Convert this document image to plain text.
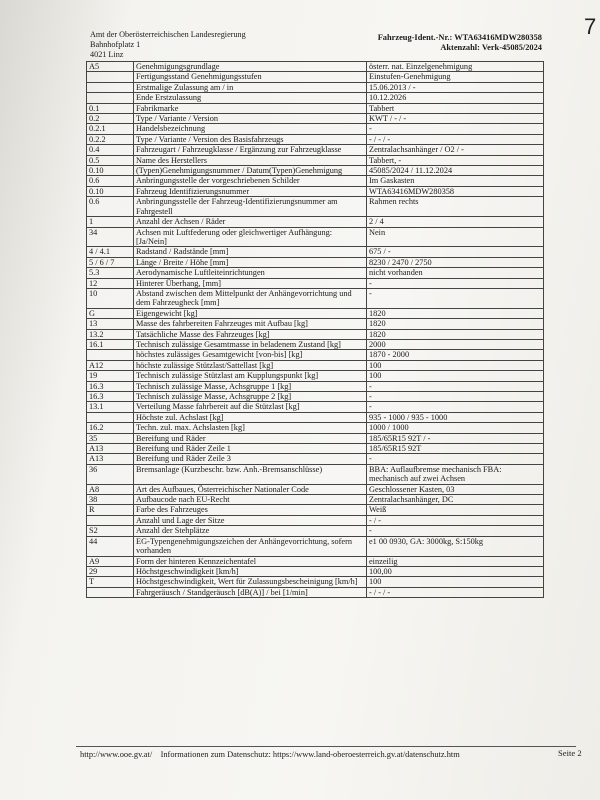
Amt der Oberösterreichischen Landesregierung
Bahnhofplatz 1
4021 Linz
Fahrzeug-Ident.-Nr.: WTA63416MDW280358
Aktenzahl: Verk-45085/2024
A5	Genehmigungsgrundlage	österr. nat. Einzelgenehmigung
	Fertigungsstand Genehmigungsstufen	Einstufen-Genehmigung
	Erstmalige Zulassung am / in	15.06.2013 / -
	Ende Erstzulassung	10.12.2026
0.1	Fabrikmarke	Tabbert
0.2	Type / Variante / Version	KWT / - / -
0.2.1	Handelsbezeichnung	-
0.2.2	Type / Variante / Version des Basisfahrzeugs	- / - / -
0.4	Fahrzeugart / Fahrzeugklasse / Ergänzung zur Fahrzeugklasse	Zentralachsanhänger / O2 / -
0.5	Name des Herstellers	Tabbert, -
0.10	(Typen)Genehmigungsnummer / Datum(Typen)Genehmigung	45085/2024 / 11.12.2024
0.6	Anbringungsstelle der vorgeschriebenen Schilder	Im Gaskasten
0.10	Fahrzeug Identifizierungsnummer	WTA63416MDW280358
0.6	Anbringungsstelle der Fahrzeug-Identifizierungsnummer am Fahrgestell	Rahmen rechts
1	Anzahl der Achsen / Räder	2 / 4
34	Achsen mit Luftfederung oder gleichwertiger Aufhängung: [Ja/Nein]	Nein
4 / 4.1	Radstand / Radstände [mm]	675 / -
5 / 6 / 7	Länge / Breite / Höhe [mm]	8230 / 2470 / 2750
5.3	Aerodynamische Luftleiteinrichtungen	nicht vorhanden
12	Hinterer Überhang, [mm]	-
10	Abstand zwischen dem Mittelpunkt der Anhängevorrichtung und dem Fahrzeugheck [mm]	-
G	Eigengewicht [kg]	1820
13	Masse des fahrbereiten Fahrzeuges mit Aufbau [kg]	1820
13.2	Tatsächliche Masse des Fahrzeuges [kg]	1820
16.1	Technisch zulässige Gesamtmasse in beladenem Zustand [kg]	2000
	höchstes zulässiges Gesamtgewicht [von-bis] [kg]	1870 - 2000
A12	höchste zulässige Stützlast/Sattellast [kg]	100
19	Technisch zulässige Stützlast am Kupplungspunkt [kg]	100
16.3	Technisch zulässige Masse, Achsgruppe 1 [kg]	-
16.3	Technisch zulässige Masse, Achsgruppe 2 [kg]	-
13.1	Verteilung Masse fahrbereit auf die Stützlast [kg]	-
	Höchste zul. Achslast [kg]	935 - 1000 / 935 - 1000
16.2	Techn. zul. max. Achslasten [kg]	1000 / 1000
35	Bereifung und Räder	185/65R15 92T / -
A13	Bereifung und Räder Zeile 1	185/65R15 92T
A13	Bereifung und Räder Zeile 3	-
36	Bremsanlage (Kurzbeschr. bzw. Anh.-Bremsanschlüsse)	BBA: Auflaufbremse mechanisch FBA: mechanisch auf zwei Achsen
A8	Art des Aufbaues, Österreichischer Nationaler Code	Geschlossener Kasten, 03
38	Aufbaucode nach EU-Recht	Zentralachsanhänger, DC
R	Farbe des Fahrzeuges	Weiß
	Anzahl und Lage der Sitze	- / -
S2	Anzahl der Stehplätze	-
44	EG-Typengenehmigungszeichen der Anhängevorrichtung, sofern vorhanden	e1 00 0930, GA: 3000kg, S:150kg
A9	Form der hinteren Kennzeichentafel	einzeilig
29	Höchstgeschwindigkeit [km/h]	100,00
T	Höchstgeschwindigkeit, Wert für Zulassungsbescheinigung [km/h]	100
	Fahrgeräusch / Standgeräusch [dB(A)] / bei [1/min]	- / - / -
http://www.ooe.gv.at/ Informationen zum Datenschutz: https://www.land-oberoesterreich.gv.at/datenschutz.htm	Seite 2
7
